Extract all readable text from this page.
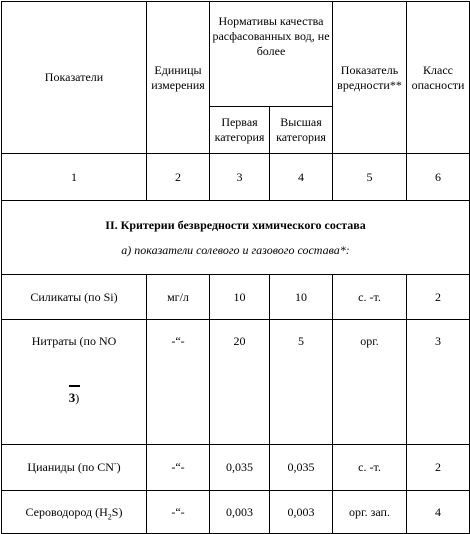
Показатели	Единицы измерения	Нормативы качества расфасованных вод, не более		Показатель вредности**	Класс опасности
		Первая категория	Высшая категория		
1	2	3	4	5	6

II. Критерии безвредности химического состава
а) показатели солевого и газового состава*:					

Силикаты (по Si)	мг/л	10	10	с. -т.	2

Нитраты (по NO
3)	-“-	20	5	орг.	3
Цианиды (по CN-)	-“-	0,035	0,035	с. -т.	2
Сероводород $(H_2S)$	-“-	0,003	0,003	орг. зап.	4
